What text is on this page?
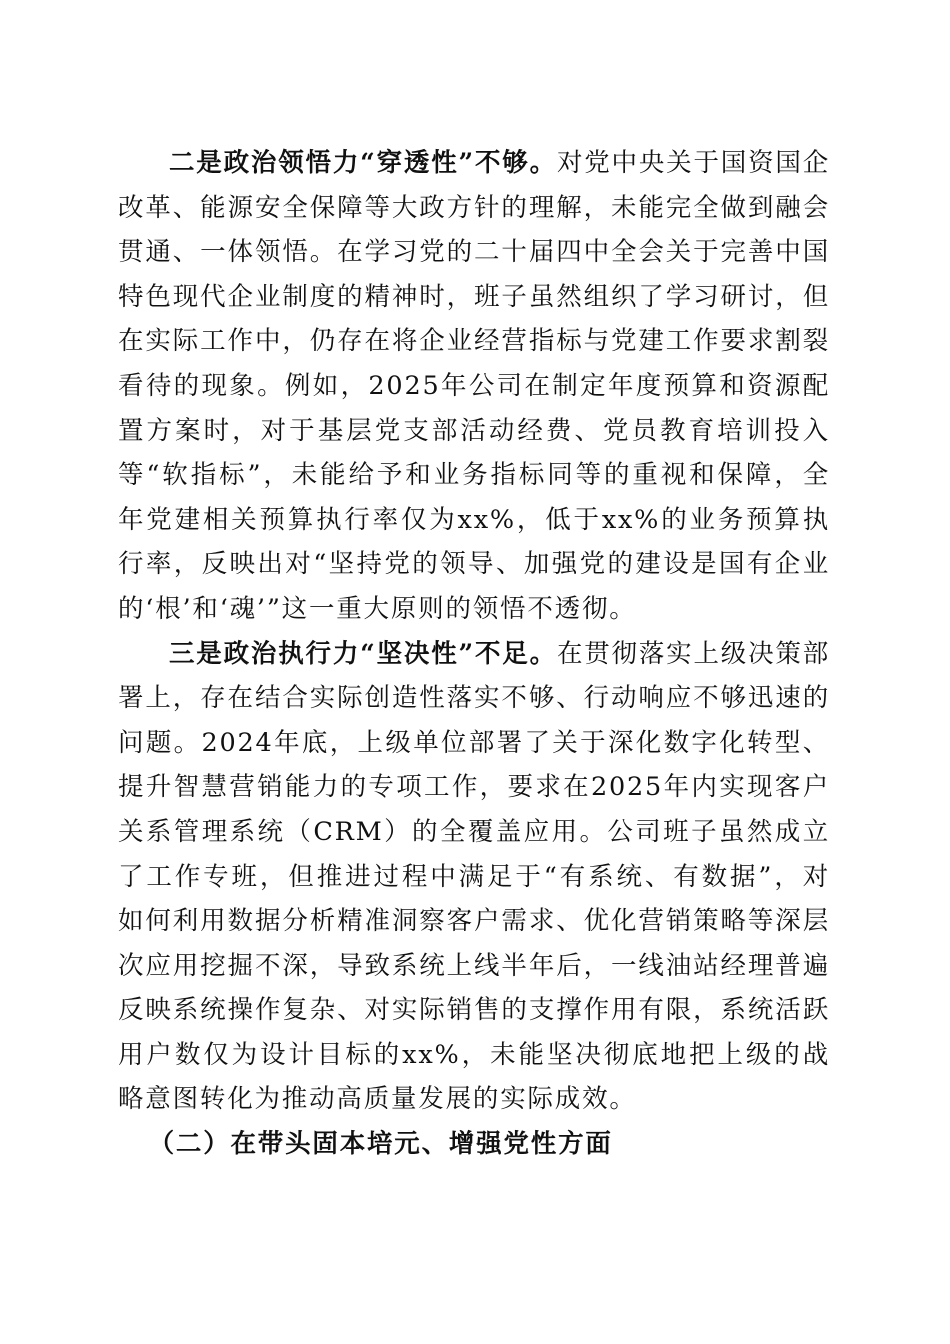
二是政治领悟力“穿透性”不够。对党中央关于国资国企改革、能源安全保障等大政方针的理解，未能完全做到融会贯通、一体领悟。在学习党的二十届四中全会关于完善中国特色现代企业制度的精神时，班子虽然组织了学习研讨，但在实际工作中，仍存在将企业经营指标与党建工作要求割裂看待的现象。例如，2025年公司在制定年度预算和资源配置方案时，对于基层党支部活动经费、党员教育培训投入等“软指标”，未能给予和业务指标同等的重视和保障，全年党建相关预算执行率仅为xx%，低于xx%的业务预算执行率，反映出对“坚持党的领导、加强党的建设是国有企业的‘根’和‘魂’”这一重大原则的领悟不透彻。

三是政治执行力“坚决性”不足。在贯彻落实上级决策部署上，存在结合实际创造性落实不够、行动响应不够迅速的问题。2024年底，上级单位部署了关于深化数字化转型、提升智慧营销能力的专项工作，要求在2025年内实现客户关系管理系统（CRM）的全覆盖应用。公司班子虽然成立了工作专班，但推进过程中满足于“有系统、有数据”，对如何利用数据分析精准洞察客户需求、优化营销策略等深层次应用挖掘不深，导致系统上线半年后，一线油站经理普遍反映系统操作复杂、对实际销售的支撑作用有限，系统活跃用户数仅为设计目标的xx%，未能坚决彻底地把上级的战略意图转化为推动高质量发展的实际成效。

（二）在带头固本培元、增强党性方面
